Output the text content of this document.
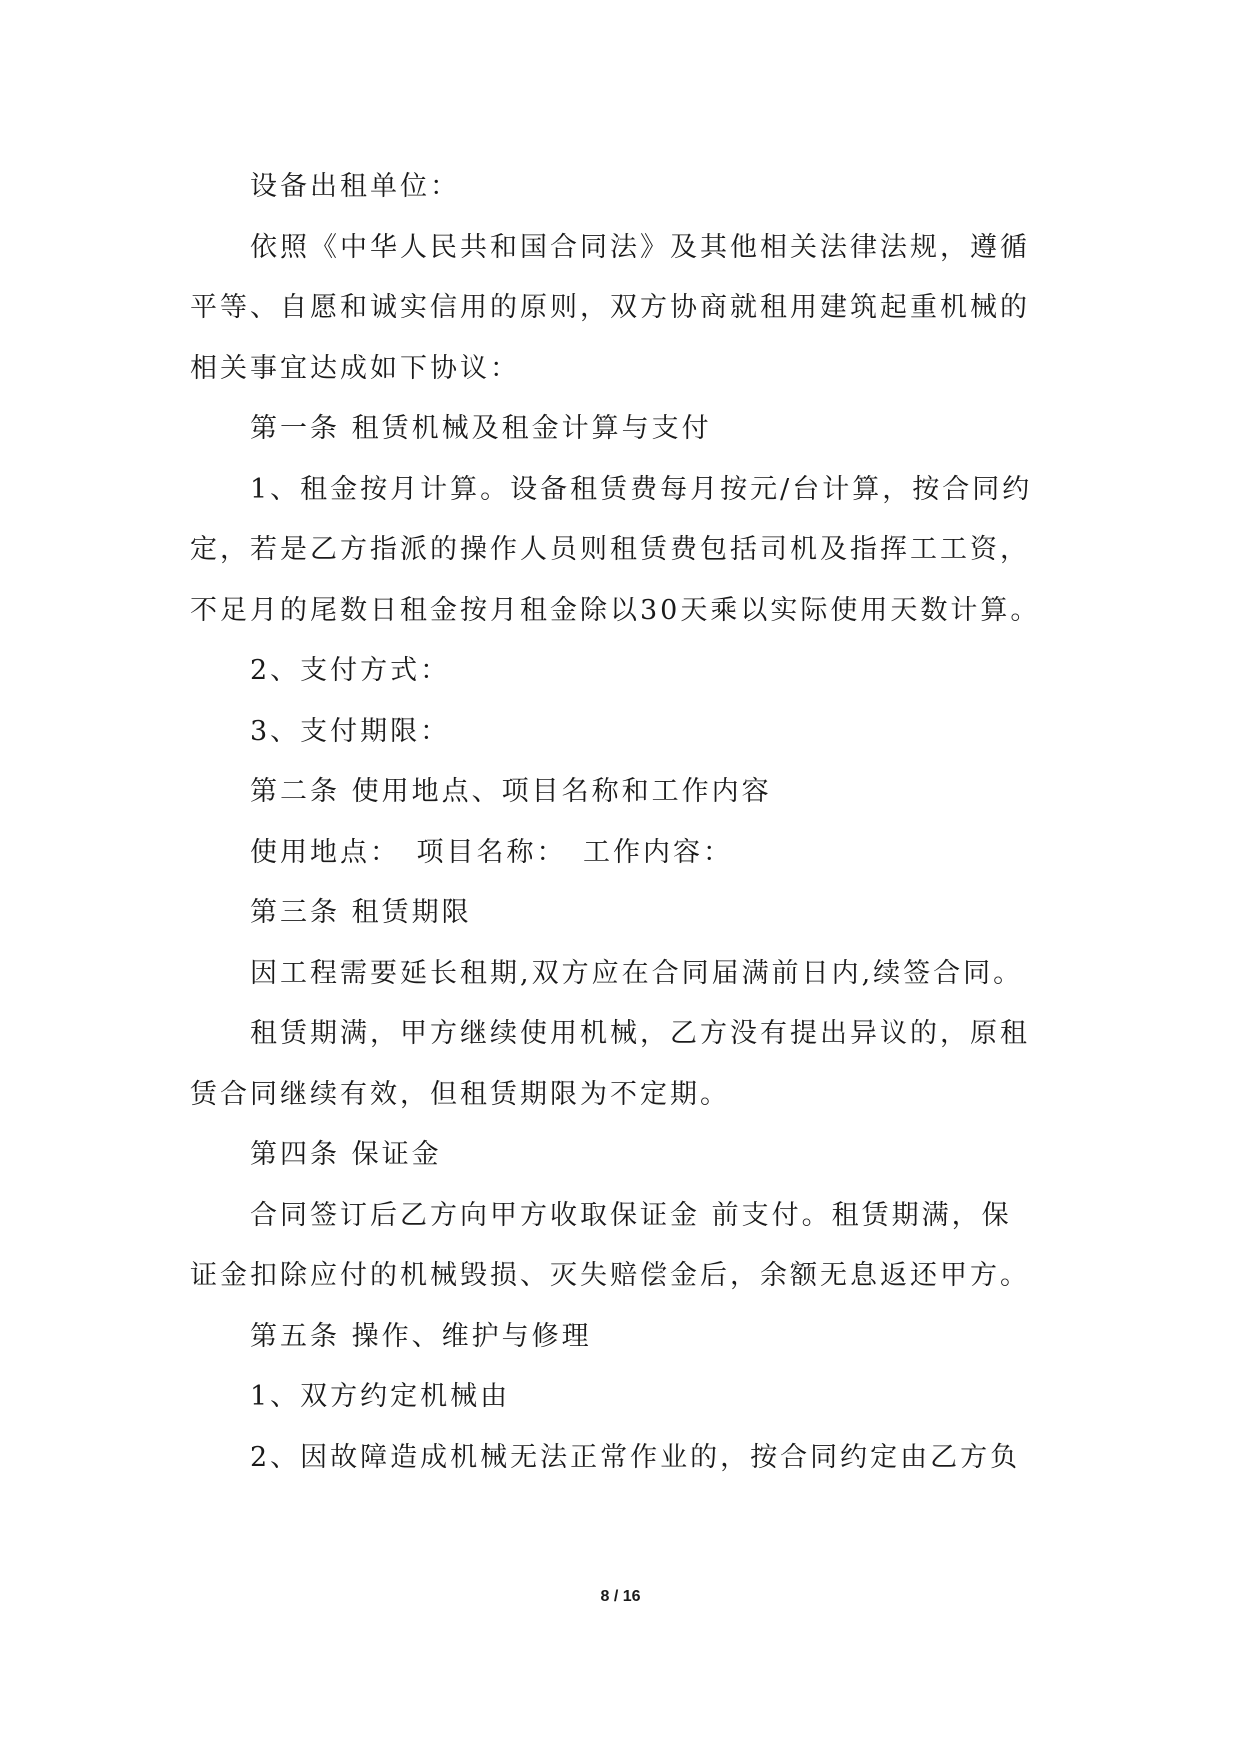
设备出租单位：
依照《中华人民共和国合同法》及其他相关法律法规，遵循
平等、自愿和诚实信用的原则，双方协商就租用建筑起重机械的
相关事宜达成如下协议：
第一条 租赁机械及租金计算与支付
1、租金按月计算。设备租赁费每月按元/台计算，按合同约
定，若是乙方指派的操作人员则租赁费包括司机及指挥工工资，
不足月的尾数日租金按月租金除以30天乘以实际使用天数计算。
2、支付方式：
3、支付期限：
第二条 使用地点、项目名称和工作内容
使用地点：　项目名称：　工作内容：
第三条 租赁期限
因工程需要延长租期,双方应在合同届满前日内,续签合同。
租赁期满，甲方继续使用机械，乙方没有提出异议的，原租
赁合同继续有效，但租赁期限为不定期。
第四条 保证金
合同签订后乙方向甲方收取保证金 前支付。租赁期满，保
证金扣除应付的机械毁损、灭失赔偿金后，余额无息返还甲方。
第五条 操作、维护与修理
1、双方约定机械由
2、因故障造成机械无法正常作业的，按合同约定由乙方负
8 / 16
